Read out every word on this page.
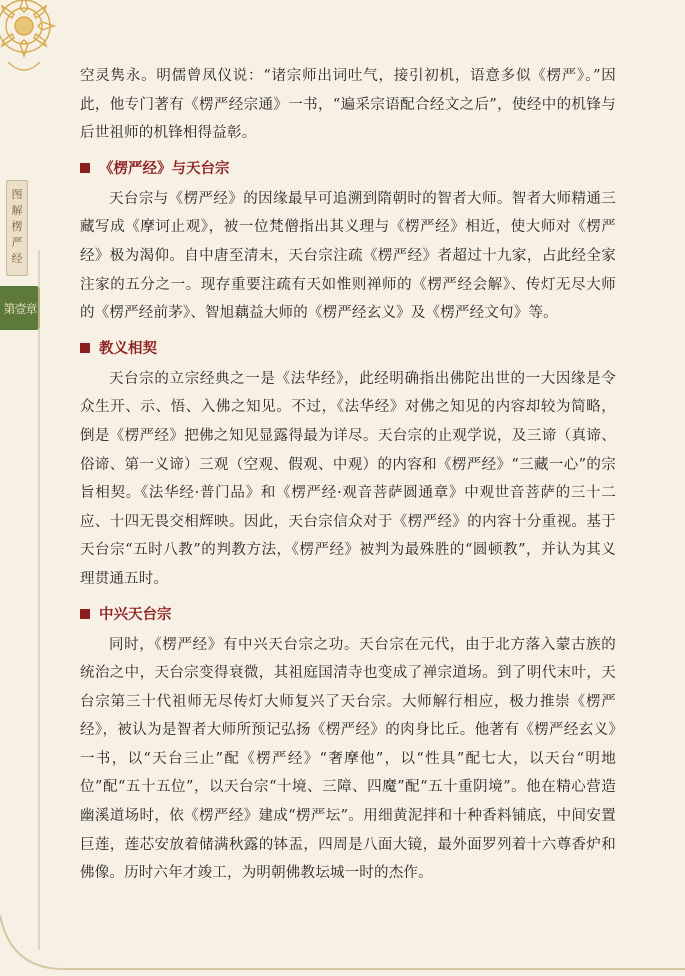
图解楞严经
第壹章

空灵隽永。明儒曾凤仪说：“诸宗师出词吐气，接引初机，语意多似《楞严》。”因此，他专门著有《楞严经宗通》一书，“遍采宗语配合经文之后”，使经中的机锋与后世祖师的机锋相得益彰。

《楞严经》与天台宗

天台宗与《楞严经》的因缘最早可追溯到隋朝时的智者大师。智者大师精通三藏写成《摩诃止观》，被一位梵僧指出其义理与《楞严经》相近，使大师对《楞严经》极为渴仰。自中唐至清末，天台宗注疏《楞严经》者超过十九家，占此经全家注家的五分之一。现存重要注疏有天如惟则禅师的《楞严经会解》、传灯无尽大师的《楞严经前茅》、智旭藕益大师的《楞严经玄义》及《楞严经文句》等。

教义相契

天台宗的立宗经典之一是《法华经》，此经明确指出佛陀出世的一大因缘是令众生开、示、悟、入佛之知见。不过，《法华经》对佛之知见的内容却较为简略，倒是《楞严经》把佛之知见显露得最为详尽。天台宗的止观学说，及三谛（真谛、俗谛、第一义谛）三观（空观、假观、中观）的内容和《楞严经》“三藏一心”的宗旨相契。《法华经·普门品》和《楞严经·观音菩萨圆通章》中观世音菩萨的三十二应、十四无畏交相辉映。因此，天台宗信众对于《楞严经》的内容十分重视。基于天台宗“五时八教”的判教方法，《楞严经》被判为最殊胜的“圆顿教”，并认为其义理贯通五时。

中兴天台宗

同时，《楞严经》有中兴天台宗之功。天台宗在元代，由于北方落入蒙古族的统治之中，天台宗变得衰微，其祖庭国清寺也变成了禅宗道场。到了明代末叶，天台宗第三十代祖师无尽传灯大师复兴了天台宗。大师解行相应，极力推崇《楞严经》，被认为是智者大师所预记弘扬《楞严经》的肉身比丘。他著有《楞严经玄义》一书，以“天台三止”配《楞严经》“奢摩他”，以“性具”配七大，以天台“明地位”配“五十五位”，以天台宗“十境、三障、四魔”配“五十重阴境”。他在精心营造幽溪道场时，依《楞严经》建成“楞严坛”。用细黄泥拌和十种香料铺底，中间安置巨莲，莲芯安放着储满秋露的钵盂，四周是八面大镜，最外面罗列着十六尊香炉和佛像。历时六年才竣工，为明朝佛教坛城一时的杰作。
